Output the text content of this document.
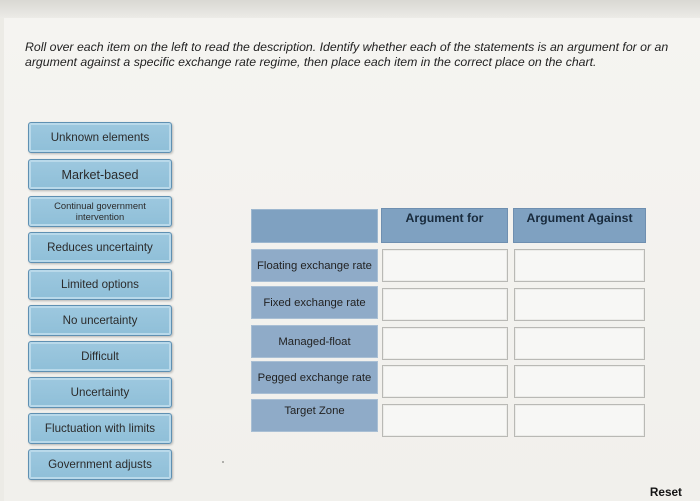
Roll over each item on the left to read the description. Identify whether each of the statements is an argument for or an argument against a specific exchange rate regime, then place each item in the correct place on the chart.
Unknown elements
Market-based
Continual government intervention
Reduces uncertainty
Limited options
No uncertainty
Difficult
Uncertainty
Fluctuation with limits
Government adjusts
Argument for	Argument Against
Floating exchange rate
Fixed exchange rate
Managed-float
Pegged exchange rate
Target Zone
Reset
